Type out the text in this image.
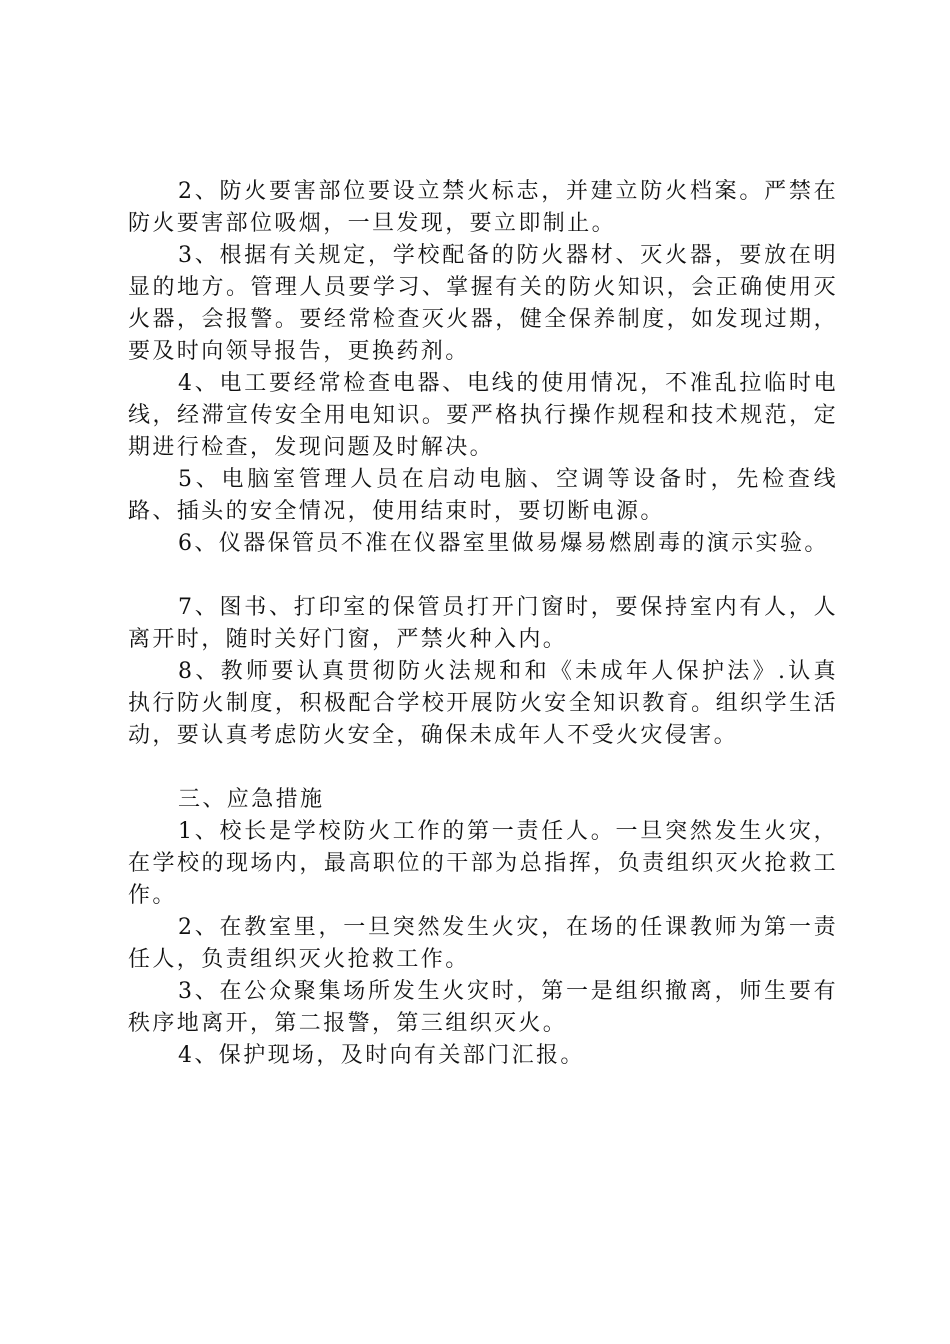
2、防火要害部位要设立禁火标志，并建立防火档案。严禁在防火要害部位吸烟，一旦发现，要立即制止。

3、根据有关规定，学校配备的防火器材、灭火器，要放在明显的地方。管理人员要学习、掌握有关的防火知识，会正确使用灭火器，会报警。要经常检查灭火器，健全保养制度，如发现过期，要及时向领导报告，更换药剂。

4、电工要经常检查电器、电线的使用情况，不准乱拉临时电线，经滞宣传安全用电知识。要严格执行操作规程和技术规范，定期进行检查，发现问题及时解决。

5、电脑室管理人员在启动电脑、空调等设备时，先检查线路、插头的安全情况，使用结束时，要切断电源。

6、仪器保管员不准在仪器室里做易爆易燃剧毒的演示实验。

7、图书、打印室的保管员打开门窗时，要保持室内有人，人离开时，随时关好门窗，严禁火种入内。

8、教师要认真贯彻防火法规和和《未成年人保护法》.认真执行防火制度，积极配合学校开展防火安全知识教育。组织学生活动，要认真考虑防火安全，确保未成年人不受火灾侵害。

三、应急措施

1、校长是学校防火工作的第一责任人。一旦突然发生火灾，在学校的现场内，最高职位的干部为总指挥，负责组织灭火抢救工作。

2、在教室里，一旦突然发生火灾，在场的任课教师为第一责任人，负责组织灭火抢救工作。

3、在公众聚集场所发生火灾时，第一是组织撤离，师生要有秩序地离开，第二报警，第三组织灭火。

4、保护现场，及时向有关部门汇报。
